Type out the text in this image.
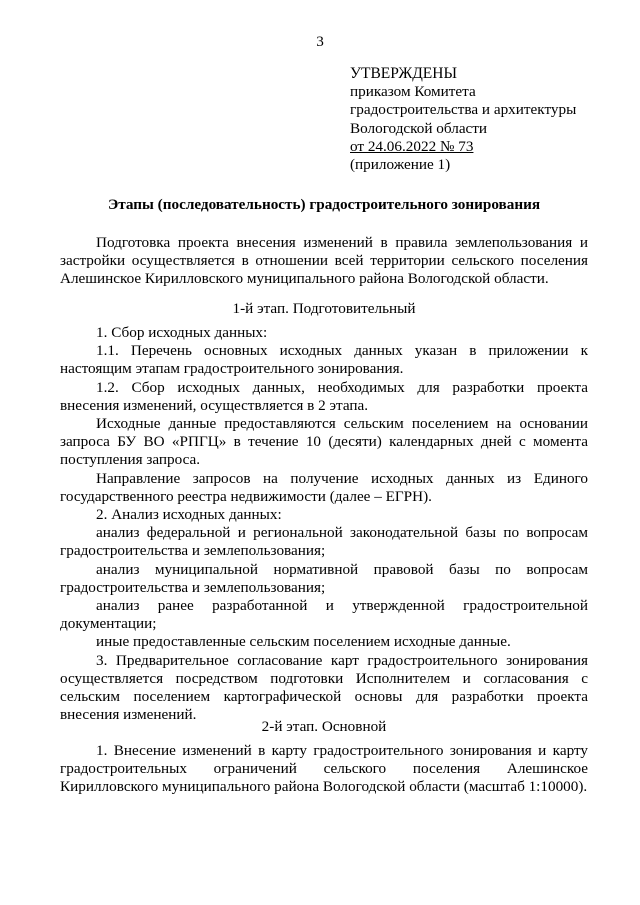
3
УТВЕРЖДЕНЫ
приказом Комитета
градостроительства и архитектуры
Вологодской области
от 24.06.2022 № 73
(приложение 1)
Этапы (последовательность) градостроительного зонирования

Подготовка проекта внесения изменений в правила землепользования и застройки осуществляется в отношении всей территории сельского поселения Алешинское Кирилловского муниципального района Вологодской области.

1-й этап. Подготовительный

1. Сбор исходных данных:

1.1. Перечень основных исходных данных указан в приложении к настоящим этапам градостроительного зонирования.

1.2. Сбор исходных данных, необходимых для разработки проекта внесения изменений, осуществляется в 2 этапа.

Исходные данные предоставляются сельским поселением на основании запроса БУ ВО «РПГЦ» в течение 10 (десяти) календарных дней с момента поступления запроса.

Направление запросов на получение исходных данных из Единого государственного реестра недвижимости (далее – ЕГРН).

2. Анализ исходных данных:

анализ федеральной и региональной законодательной базы по вопросам градостроительства и землепользования;

анализ муниципальной нормативной правовой базы по вопросам градостроительства и землепользования;

анализ ранее разработанной и утвержденной градостроительной документации;

иные предоставленные сельским поселением исходные данные.

3. Предварительное согласование карт градостроительного зонирования осуществляется посредством подготовки Исполнителем и согласования с сельским поселением картографической основы для разработки проекта внесения изменений.

2-й этап. Основной

1. Внесение изменений в карту градостроительного зонирования и карту градостроительных ограничений сельского поселения Алешинское Кирилловского муниципального района Вологодской области (масштаб 1:10000).
